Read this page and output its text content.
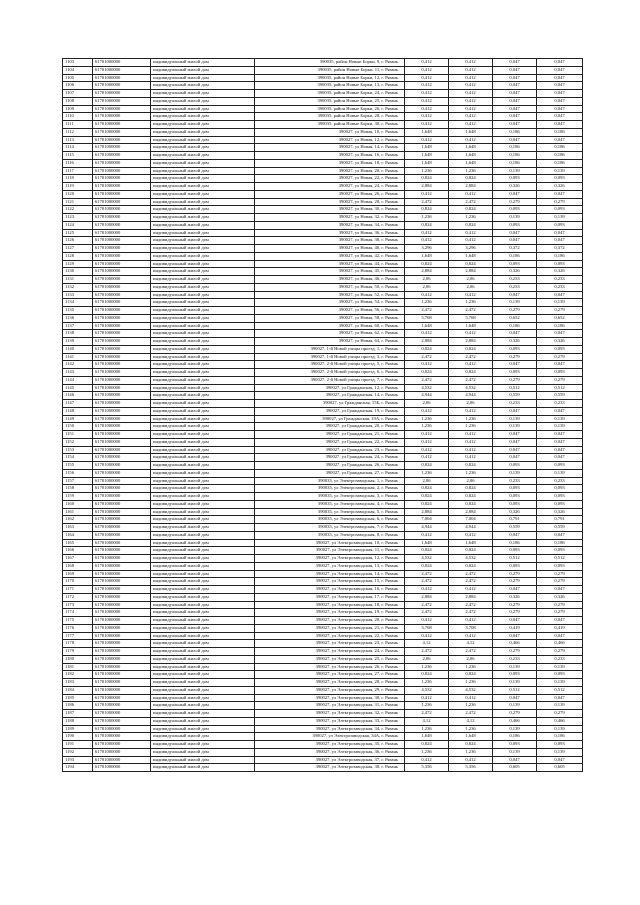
1103	61701000000	индивидуальный жилой дом	390035, район Новые Борки, 9, г. Рязань	0,412	0,412	0,047	0,047
1104	61701000000	индивидуальный жилой дом	390035, район Новые Борки, 11, г. Рязань	0,412	0,412	0,047	0,047
1105	61701000000	индивидуальный жилой дом	390035, район Новые Борки, 12, г. Рязань	0,412	0,412	0,047	0,047
1106	61701000000	индивидуальный жилой дом	390035, район Новые Борки, 13, г. Рязань	0,412	0,412	0,047	0,047
1107	61701000000	индивидуальный жилой дом	390035, район Новые Борки, 24, г. Рязань	0,412	0,412	0,047	0,047
1108	61701000000	индивидуальный жилой дом	390035, район Новые Борки, 25, г. Рязань	0,412	0,412	0,047	0,047
1109	61701000000	индивидуальный жилой дом	390035, район Новые Борки, 26, г. Рязань	0,412	0,412	0,047	0,047
1110	61701000000	индивидуальный жилой дом	390035, район Новые Борки, 28, г. Рязань	0,412	0,412	0,047	0,047
1111	61701000000	индивидуальный жилой дом	390035, район Новые Борки, 30, г. Рязань	0,412	0,412	0,047	0,047
1112	61701000000	индивидуальный жилой дом	390027, ул Новая, 10, г. Рязань	1,648	1,648	0,186	0,186
1113	61701000000	индивидуальный жилой дом	390027, ул Новая, 12, г. Рязань	0,412	0,412	0,047	0,047
1114	61701000000	индивидуальный жилой дом	390027, ул Новая, 14, г. Рязань	1,648	1,648	0,186	0,186
1115	61701000000	индивидуальный жилой дом	390027, ул Новая, 16, г. Рязань	1,648	1,648	0,186	0,186
1116	61701000000	индивидуальный жилой дом	390027, ул Новая, 18, г. Рязань	1,648	1,648	0,186	0,186
1117	61701000000	индивидуальный жилой дом	390027, ул Новая, 20, г. Рязань	1,236	1,236	0,139	0,139
1118	61701000000	индивидуальный жилой дом	390027, ул Новая, 22, г. Рязань	0,824	0,824	0,093	0,093
1119	61701000000	индивидуальный жилой дом	390027, ул Новая, 24, г. Рязань	2,884	2,884	0,326	0,326
1120	61701000000	индивидуальный жилой дом	390027, ул Новая, 26, г. Рязань	0,412	0,412	0,047	0,047
1121	61701000000	индивидуальный жилой дом	390027, ул Новая, 28, г. Рязань	2,472	2,472	0,279	0,279
1122	61701000000	индивидуальный жилой дом	390027, ул Новая, 30, г. Рязань	0,824	0,824	0,093	0,093
1123	61701000000	индивидуальный жилой дом	390027, ул Новая, 32, г. Рязань	1,236	1,236	0,139	0,139
1124	61701000000	индивидуальный жилой дом	390027, ул Новая, 34, г. Рязань	0,824	0,824	0,093	0,093
1125	61701000000	индивидуальный жилой дом	390027, ул Новая, 36, г. Рязань	0,412	0,412	0,047	0,047
1126	61701000000	индивидуальный жилой дом	390027, ул Новая, 38, г. Рязань	0,412	0,412	0,047	0,047
1127	61701000000	индивидуальный жилой дом	390027, ул Новая, 40, г. Рязань	3,296	3,296	0,372	0,372
1128	61701000000	индивидуальный жилой дом	390027, ул Новая, 42, г. Рязань	1,648	1,648	0,186	0,186
1129	61701000000	индивидуальный жилой дом	390027, ул Новая, 44, г. Рязань	0,824	0,824	0,093	0,093
1130	61701000000	индивидуальный жилой дом	390027, ул Новая, 45, г. Рязань	2,884	2,884	0,326	0,326
1131	61701000000	индивидуальный жилой дом	390027, ул Новая, 46, г. Рязань	2,06	2,06	0,233	0,233
1132	61701000000	индивидуальный жилой дом	390027, ул Новая, 50, г. Рязань	2,06	2,06	0,233	0,233
1133	61701000000	индивидуальный жилой дом	390027, ул Новая, 52, г. Рязань	0,412	0,412	0,047	0,047
1134	61701000000	индивидуальный жилой дом	390027, ул Новая, 54, г. Рязань	1,236	1,236	0,139	0,139
1135	61701000000	индивидуальный жилой дом	390027, ул Новая, 56, г. Рязань	2,472	2,472	0,279	0,279
1136	61701000000	индивидуальный жилой дом	390027, ул Новая, 58, г. Рязань	5,768	5,768	0,652	0,652
1137	61701000000	индивидуальный жилой дом	390027, ул Новая, 60, г. Рязань	1,648	1,648	0,186	0,186
1138	61701000000	индивидуальный жилой дом	390027, ул Новая, 62, г. Рязань	0,412	0,412	0,047	0,047
1139	61701000000	индивидуальный жилой дом	390027, ул Новая, 64, г. Рязань	2,884	2,884	0,326	0,326
1140	61701000000	индивидуальный жилой дом	390027, 1-й Новой улицы проезд, 1, г. Рязань	0,824	0,824	0,093	0,093
1141	61701000000	индивидуальный жилой дом	390027, 1-й Новой улицы проезд, 3, г. Рязань	2,472	2,472	0,279	0,279
1142	61701000000	индивидуальный жилой дом	390027, 2-й Новой улицы проезд, 5, г. Рязань	0,412	0,412	0,047	0,047
1143	61701000000	индивидуальный жилой дом	390027, 2-й Новой улицы проезд, 6, г. Рязань	0,824	0,824	0,093	0,093
1144	61701000000	индивидуальный жилой дом	390027, 2-й Новой улицы проезд, 7, г. Рязань	2,472	2,472	0,279	0,279
1145	61701000000	индивидуальный жилой дом	390027, ул Гражданская, 12, г. Рязань	4,532	4,532	0,512	0,512
1146	61701000000	индивидуальный жилой дом	390027, ул Гражданская, 14, г. Рязань	4,944	4,944	0,559	0,559
1147	61701000000	индивидуальный жилой дом	390027, ул Гражданская, 15Б, г. Рязань	2,06	2,06	0,233	0,233
1148	61701000000	индивидуальный жилой дом	390027, ул Гражданская, 19, г. Рязань	0,412	0,412	0,047	0,047
1149	61701000000	индивидуальный жилой дом	390027, ул Гражданская, 19А, г. Рязань	1,236	1,236	0,139	0,139
1150	61701000000	индивидуальный жилой дом	390027, ул Гражданская, 20, г. Рязань	1,236	1,236	0,139	0,139
1151	61701000000	индивидуальный жилой дом	390027, ул Гражданская, 21, г. Рязань	0,412	0,412	0,047	0,047
1152	61701000000	индивидуальный жилой дом	390027, ул Гражданская, 22, г. Рязань	0,412	0,412	0,047	0,047
1153	61701000000	индивидуальный жилой дом	390027, ул Гражданская, 23, г. Рязань	0,412	0,412	0,047	0,047
1154	61701000000	индивидуальный жилой дом	390027, ул Гражданская, 24, г. Рязань	0,412	0,412	0,047	0,047
1155	61701000000	индивидуальный жилой дом	390027, ул Гражданская, 26, г. Рязань	0,824	0,824	0,093	0,093
1156	61701000000	индивидуальный жилой дом	390027, ул Гражданская, 27, г. Рязань	1,236	1,236	0,139	0,139
1157	61701000000	индивидуальный жилой дом	390035, ул Электрозаводская, 1, г. Рязань	2,06	2,06	0,233	0,233
1158	61701000000	индивидуальный жилой дом	390035, ул Электрозаводская, 2, г. Рязань	0,824	0,824	0,093	0,093
1159	61701000000	индивидуальный жилой дом	390035, ул Электрозаводская, 3, г. Рязань	0,824	0,824	0,093	0,093
1160	61701000000	индивидуальный жилой дом	390035, ул Электрозаводская, 4, г. Рязань	0,824	0,824	0,093	0,093
1161	61701000000	индивидуальный жилой дом	390035, ул Электрозаводская, 5, г. Рязань	2,884	2,884	0,326	0,326
1162	61701000000	индивидуальный жилой дом	390035, ул Электрозаводская, 6, г. Рязань	7,004	7,004	0,791	0,791
1163	61701000000	индивидуальный жилой дом	390035, ул Электрозаводская, 7, г. Рязань	4,944	4,944	0,559	0,559
1164	61701000000	индивидуальный жилой дом	390035, ул Электрозаводская, 8, г. Рязань	0,412	0,412	0,047	0,047
1165	61701000000	индивидуальный жилой дом	390027, ул Электрозаводская, 10, г. Рязань	1,648	1,648	0,186	0,186
1166	61701000000	индивидуальный жилой дом	390027, ул Электрозаводская, 11, г. Рязань	0,824	0,824	0,093	0,093
1167	61701000000	индивидуальный жилой дом	390027, ул Электрозаводская, 12, г. Рязань	4,532	4,532	0,512	0,512
1168	61701000000	индивидуальный жилой дом	390027, ул Электрозаводская, 13, г. Рязань	0,824	0,824	0,093	0,093
1169	61701000000	индивидуальный жилой дом	390027, ул Электрозаводская, 14, г. Рязань	2,472	2,472	0,279	0,279
1170	61701000000	индивидуальный жилой дом	390027, ул Электрозаводская, 15, г. Рязань	2,472	2,472	0,279	0,279
1171	61701000000	индивидуальный жилой дом	390027, ул Электрозаводская, 16, г. Рязань	0,412	0,412	0,047	0,047
1172	61701000000	индивидуальный жилой дом	390027, ул Электрозаводская, 17, г. Рязань	2,884	2,884	0,326	0,326
1173	61701000000	индивидуальный жилой дом	390027, ул Электрозаводская, 18, г. Рязань	2,472	2,472	0,279	0,279
1174	61701000000	индивидуальный жилой дом	390027, ул Электрозаводская, 19, г. Рязань	2,472	2,472	0,279	0,279
1175	61701000000	индивидуальный жилой дом	390027, ул Электрозаводская, 20, г. Рязань	0,412	0,412	0,047	0,047
1176	61701000000	индивидуальный жилой дом	390027, ул Электрозаводская, 21, г. Рязань	3,708	3,708	0,419	0,419
1177	61701000000	индивидуальный жилой дом	390027, ул Электрозаводская, 22, г. Рязань	0,412	0,412	0,047	0,047
1178	61701000000	индивидуальный жилой дом	390027, ул Электрозаводская, 23, г. Рязань	4,12	4,12	0,466	0,466
1179	61701000000	индивидуальный жилой дом	390027, ул Электрозаводская, 24, г. Рязань	2,472	2,472	0,279	0,279
1180	61701000000	индивидуальный жилой дом	390027, ул Электрозаводская, 25, г. Рязань	2,06	2,06	0,233	0,233
1181	61701000000	индивидуальный жилой дом	390027, ул Электрозаводская, 26, г. Рязань	1,236	1,236	0,139	0,139
1182	61701000000	индивидуальный жилой дом	390027, ул Электрозаводская, 27, г. Рязань	0,824	0,824	0,093	0,093
1183	61701000000	индивидуальный жилой дом	390027, ул Электрозаводская, 28, г. Рязань	1,236	1,236	0,139	0,139
1184	61701000000	индивидуальный жилой дом	390027, ул Электрозаводская, 29, г. Рязань	4,532	4,532	0,512	0,512
1185	61701000000	индивидуальный жилой дом	390027, ул Электрозаводская, 30, г. Рязань	0,412	0,412	0,047	0,047
1186	61701000000	индивидуальный жилой дом	390027, ул Электрозаводская, 31, г. Рязань	1,236	1,236	0,139	0,139
1187	61701000000	индивидуальный жилой дом	390027, ул Электрозаводская, 32, г. Рязань	2,472	2,472	0,279	0,279
1188	61701000000	индивидуальный жилой дом	390027, ул Электрозаводская, 33, г. Рязань	4,12	4,12	0,466	0,466
1189	61701000000	индивидуальный жилой дом	390027, ул Электрозаводская, 34, г. Рязань	1,236	1,236	0,139	0,139
1190	61701000000	индивидуальный жилой дом	390027, ул Электрозаводская, 34А, г. Рязань	1,648	1,648	0,186	0,186
1191	61701000000	индивидуальный жилой дом	390027, ул Электрозаводская, 35, г. Рязань	0,824	0,824	0,093	0,093
1192	61701000000	индивидуальный жилой дом	390027, ул Электрозаводская, 36, г. Рязань	1,236	1,236	0,139	0,139
1193	61701000000	индивидуальный жилой дом	390027, ул Электрозаводская, 37, г. Рязань	0,412	0,412	0,047	0,047
1194	61701000000	индивидуальный жилой дом	390027, ул Электрозаводская, 38, г. Рязань	5,356	5,356	0,605	0,605
